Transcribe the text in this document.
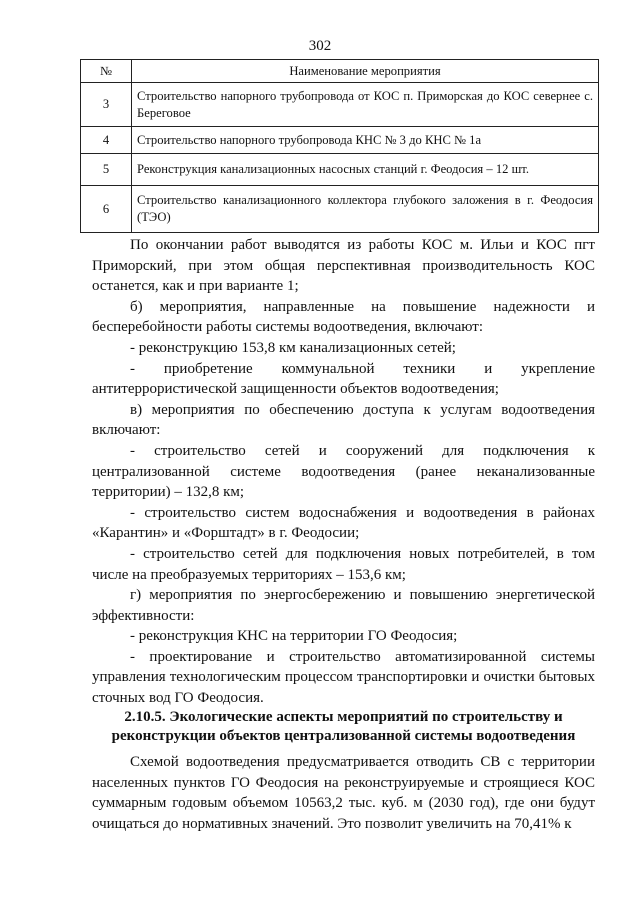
302
№	Наименование мероприятия
3	Строительство напорного трубопровода от КОС п. Приморская до КОС севернее с. Береговое
4	Строительство напорного трубопровода КНС № 3 до КНС № 1а
5	Реконструкция канализационных насосных станций г. Феодосия – 12 шт.
6	Строительство канализационного коллектора глубокого заложения в г. Феодосия (ТЭО)

По окончании работ выводятся из работы КОС м. Ильи и КОС пгт Приморский, при этом общая перспективная производительность КОС останется, как и при варианте 1;

б) мероприятия, направленные на повышение надежности и бесперебойности работы системы водоотведения, включают:

- реконструкцию 153,8 км канализационных сетей;

- приобретение коммунальной техники и укрепление антитеррористической защищенности объектов водоотведения;

в) мероприятия по обеспечению доступа к услугам водоотведения включают:

- строительство сетей и сооружений для подключения к централизованной системе водоотведения (ранее неканализованные территории) – 132,8 км;

- строительство систем водоснабжения и водоотведения в районах «Карантин» и «Форштадт» в г. Феодосии;

- строительство сетей для подключения новых потребителей, в том числе на преобразуемых территориях – 153,6 км;

г) мероприятия по энергосбережению и повышению энергетической эффективности:

- реконструкция КНС на территории ГО Феодосия;

- проектирование и строительство автоматизированной системы управления технологическим процессом транспортировки и очистки бытовых сточных вод ГО Феодосия.

2.10.5. Экологические аспекты мероприятий по строительству и реконструкции объектов централизованной системы водоотведения

Схемой водоотведения предусматривается отводить СВ с территории населенных пунктов ГО Феодосия на реконструируемые и строящиеся КОС суммарным годовым объемом 10563,2 тыс. куб. м (2030 год), где они будут очищаться до нормативных значений. Это позволит увеличить на 70,41% к
